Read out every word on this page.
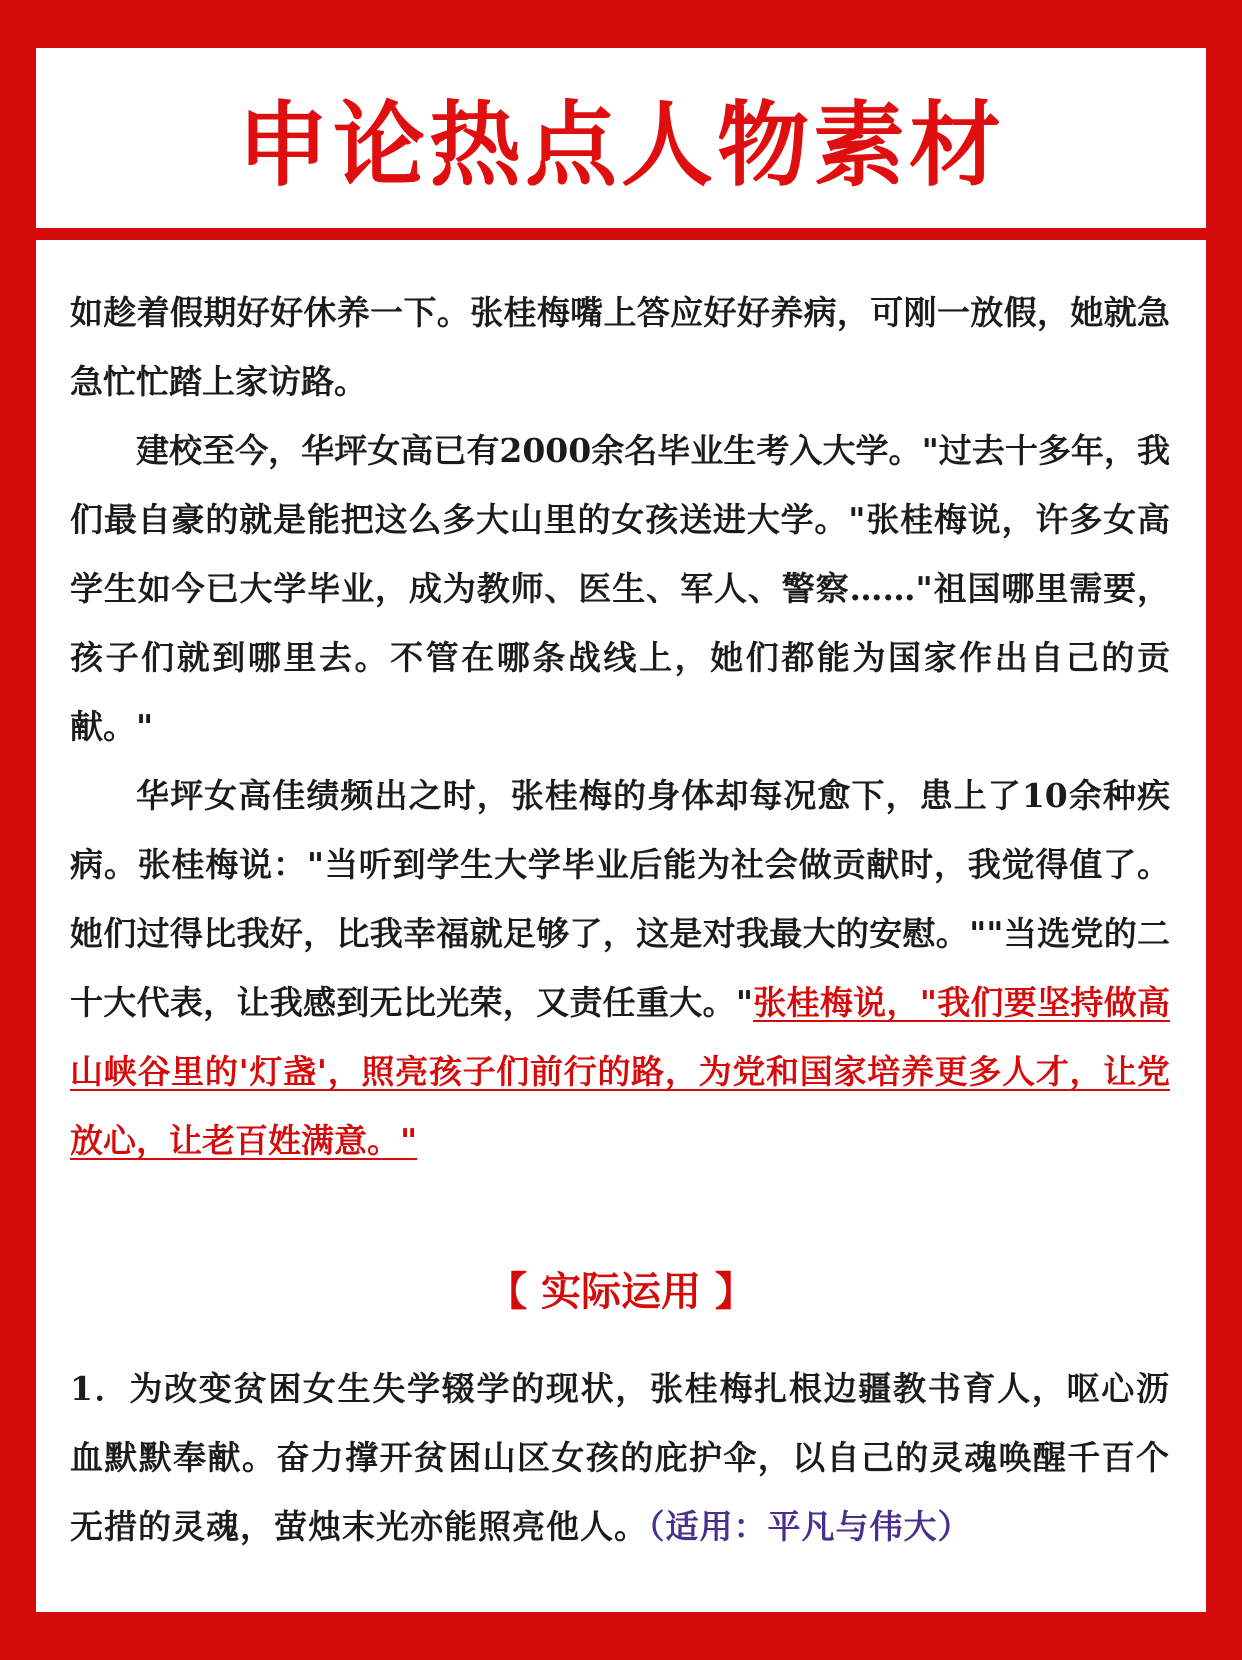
申论热点人物素材

如趁着假期好好休养一下。张桂梅嘴上答应好好养病，可刚一放假，她就急急忙忙踏上家访路。

建校至今，华坪女高已有2000余名毕业生考入大学。"过去十多年，我们最自豪的就是能把这么多大山里的女孩送进大学。"张桂梅说，许多女高学生如今已大学毕业，成为教师、医生、军人、警察……"祖国哪里需要，孩子们就到哪里去。不管在哪条战线上，她们都能为国家作出自己的贡献。"

华坪女高佳绩频出之时，张桂梅的身体却每况愈下，患上了10余种疾病。张桂梅说："当听到学生大学毕业后能为社会做贡献时，我觉得值了。她们过得比我好，比我幸福就足够了，这是对我最大的安慰。""当选党的二十大代表，让我感到无比光荣，又责任重大。"张桂梅说，"我们要坚持做高山峡谷里的'灯盏'，照亮孩子们前行的路，为党和国家培养更多人才，让党放心，让老百姓满意。"

【 实际运用 】

1．为改变贫困女生失学辍学的现状，张桂梅扎根边疆教书育人，呕心沥血默默奉献。奋力撑开贫困山区女孩的庇护伞，以自己的灵魂唤醒千百个无措的灵魂，萤烛末光亦能照亮他人。（适用：平凡与伟大）
